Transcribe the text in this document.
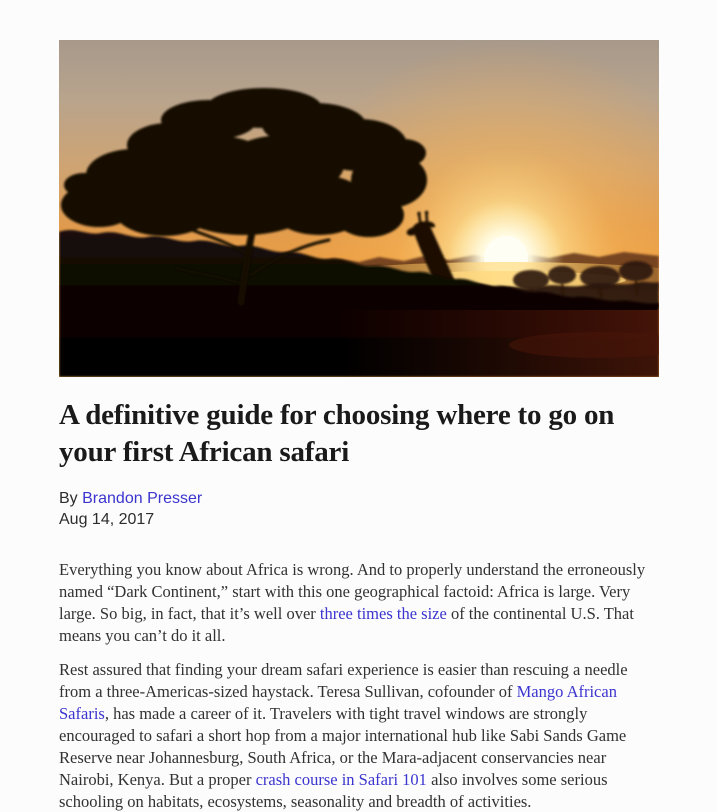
A definitive guide for choosing where to go on your first African safari
By Brandon Presser
Aug 14, 2017

Everything you know about Africa is wrong. And to properly understand the erroneously named “Dark Continent,” start with this one geographical factoid: Africa is large. Very large. So big, in fact, that it’s well over three times the size of the continental U.S. That means you can’t do it all.

Rest assured that finding your dream safari experience is easier than rescuing a needle from a three-Americas-sized haystack. Teresa Sullivan, cofounder of Mango African Safaris, has made a career of it. Travelers with tight travel windows are strongly encouraged to safari a short hop from a major international hub like Sabi Sands Game Reserve near Johannesburg, South Africa, or the Mara-adjacent conservancies near Nairobi, Kenya. But a proper crash course in Safari 101 also involves some serious schooling on habitats, ecosystems, seasonality and breadth of activities.
